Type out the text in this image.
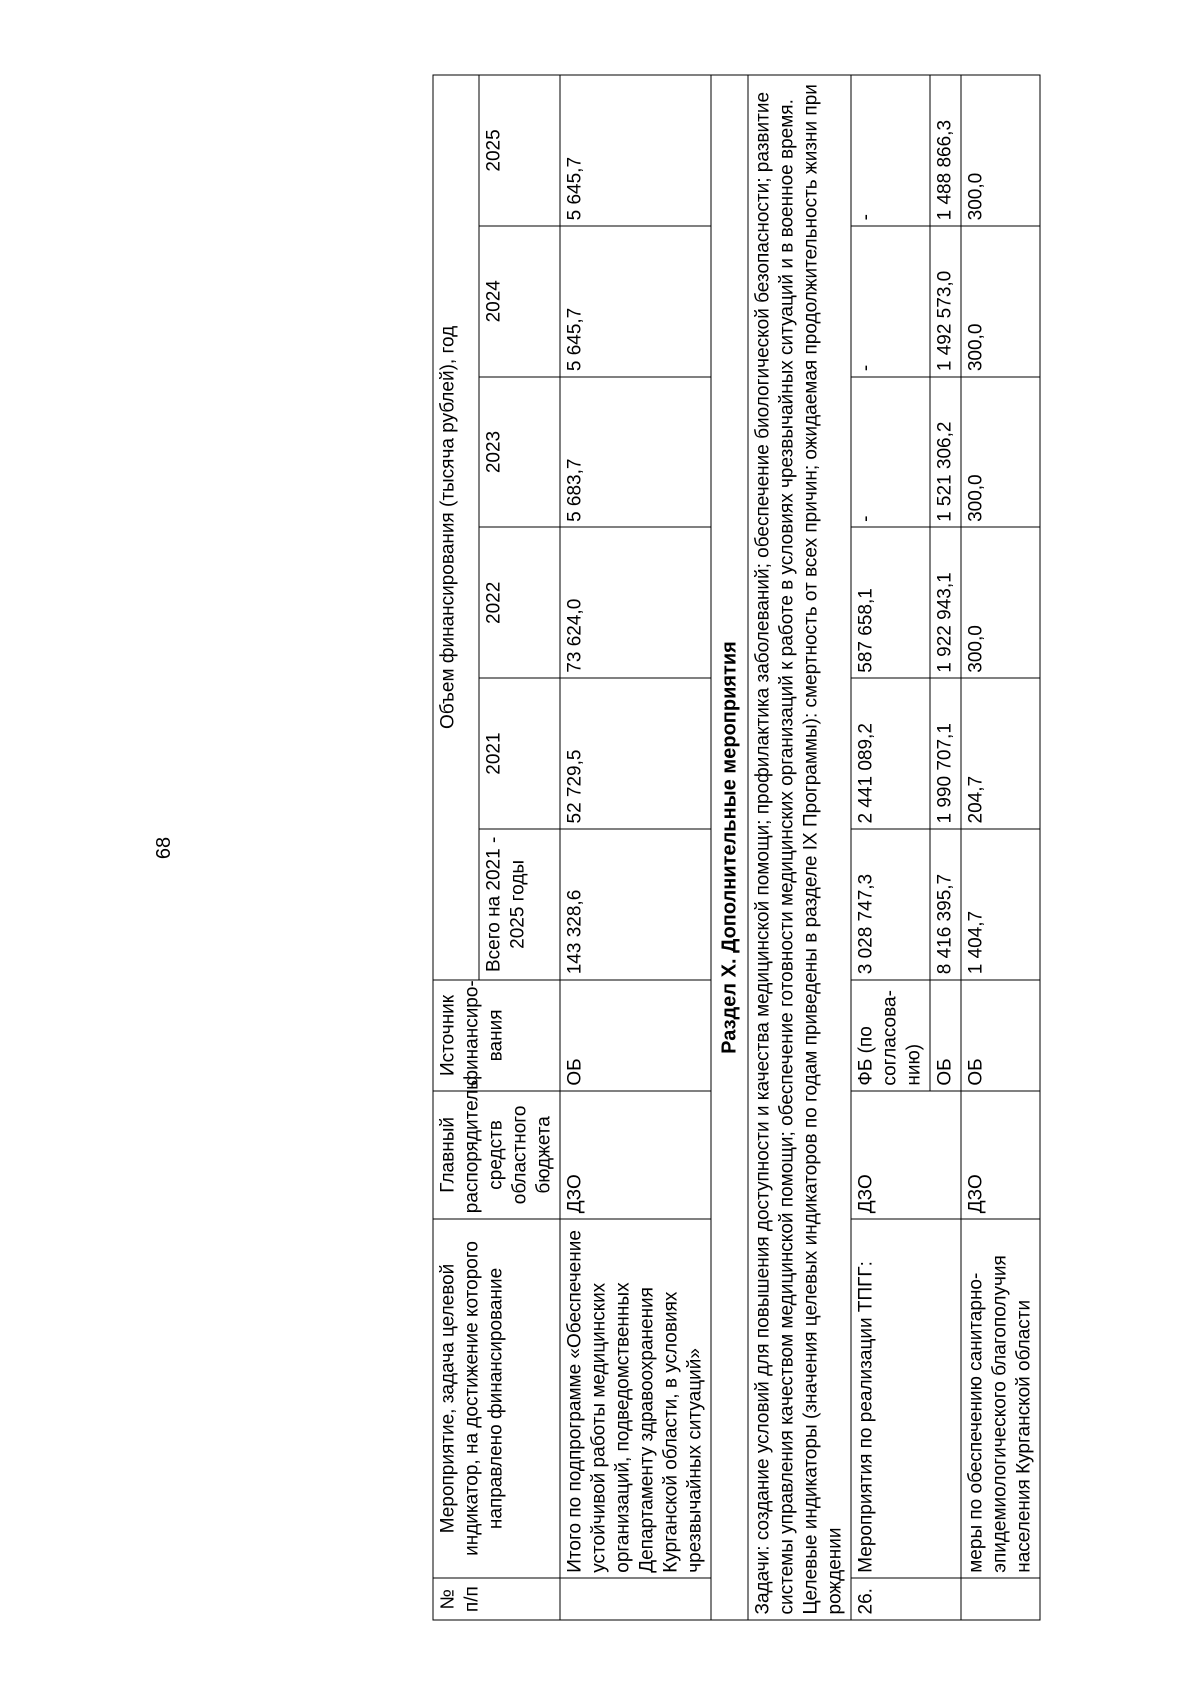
68
№
п/п	Мероприятие, задача целевой индикатор, на достижение которого направлено финансирование	Главный распорядитель средств областного бюджета	Источник финансиро-вания	Объем финансирования (тысяча рублей), год					
				Всего на 2021 - 2025 годы	2021	2022	2023	2024	2025
	Итого по подпрограмме «Обеспечение устойчивой работы медицинских организаций, подведомственных Департаменту здравоохранения Курганской области, в условиях чрезвычайных ситуаций»	ДЗО	ОБ	143 328,6	52 729,5	73 624,0	5 683,7	5 645,7	5 645,7
Раздел X. Дополнительные мероприятия									

Задачи: создание условий для повышения доступности и качества медицинской помощи; профилактика заболеваний; обеспечение биологической безопасности; развитие системы управления качеством медицинской помощи; обеспечение готовности медицинских организаций к работе в условиях чрезвычайных ситуаций и в военное время. Целевые индикаторы (значения целевых индикаторов по годам приведены в разделе IX Программы): смертность от всех причин; ожидаемая продолжительность жизни при рождении									

26.	Мероприятия по реализации ТПГГ:	ДЗО	ФБ (по согласова-нию)	3 028 747,3	2 441 089,2	587 658,1	-	-	-
			ОБ	8 416 395,7	1 990 707,1	1 922 943,1	1 521 306,2	1 492 573,0	1 488 866,3
	меры по обеспечению санитарно-эпидемиологического благополучия населения Курганской области	ДЗО	ОБ	1 404,7	204,7	300,0	300,0	300,0	300,0
